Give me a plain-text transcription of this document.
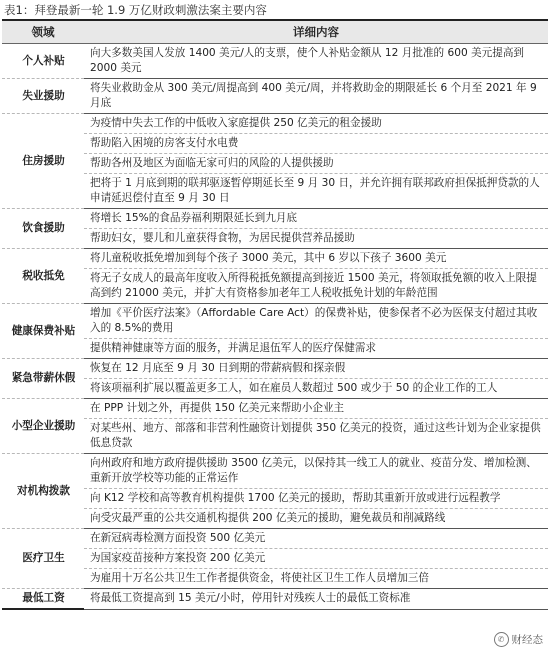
表1：拜登最新一轮 1.9 万亿财政刺激法案主要内容
领域	详细内容
个人补贴	向大多数美国人发放 1400 美元/人的支票，使个人补贴金额从 12 月批准的 600 美元提高到 2000 美元
失业援助	将失业救助金从 300 美元/周提高到 400 美元/周，并将救助金的期限延长 6 个月至 2021 年 9 月底
住房援助	为疫情中失去工作的中低收入家庭提供 250 亿美元的租金援助
	帮助陷入困境的房客支付水电费
	帮助各州及地区为面临无家可归的风险的人提供援助
	把将于 1 月底到期的联邦驱逐暂停期延长至 9 月 30 日，并允许拥有联邦政府担保抵押贷款的人申请延迟偿付直至 9 月 30 日
饮食援助	将增长 15%的食品券福利期限延长到九月底
	帮助妇女，婴儿和儿童获得食物，为居民提供营养品援助
税收抵免	将儿童税收抵免增加到每个孩子 3000 美元，其中 6 岁以下孩子 3600 美元
	将无子女成人的最高年度收入所得税抵免额提高到接近 1500 美元，将领取抵免额的收入上限提高到约 21000 美元，并扩大有资格参加老年工人税收抵免计划的年龄范围
健康保费补贴	增加《平价医疗法案》（Affordable Care Act）的保费补贴，使参保者不必为医保支付超过其收入的 8.5%的费用
	提供精神健康等方面的服务，并满足退伍军人的医疗保健需求
紧急带薪休假	恢复在 12 月底至 9 月 30 日到期的带薪病假和探亲假
	将该项福利扩展以覆盖更多工人，如在雇员人数超过 500 或少于 50 的企业工作的工人
小型企业援助	在 PPP 计划之外，再提供 150 亿美元来帮助小企业主
	对某些州、地方、部落和非营利性融资计划提供 350 亿美元的投资，通过这些计划为企业家提供低息贷款
对机构拨款	向州政府和地方政府提供援助 3500 亿美元，以保持其一线工人的就业、疫苗分发、增加检测、重新开放学校等功能的正常运作
	向 K12 学校和高等教育机构提供 1700 亿美元的援助，帮助其重新开放或进行远程教学
	向受灾最严重的公共交通机构提供 200 亿美元的援助，避免裁员和削减路线
医疗卫生	在新冠病毒检测方面投资 500 亿美元
	为国家疫苗接种方案投资 200 亿美元
	为雇用十万名公共卫生工作者提供资金，将使社区卫生工作人员增加三倍
最低工资	将最低工资提高到 15 美元/小时，停用针对残疾人士的最低工资标准
✆ 财经态
